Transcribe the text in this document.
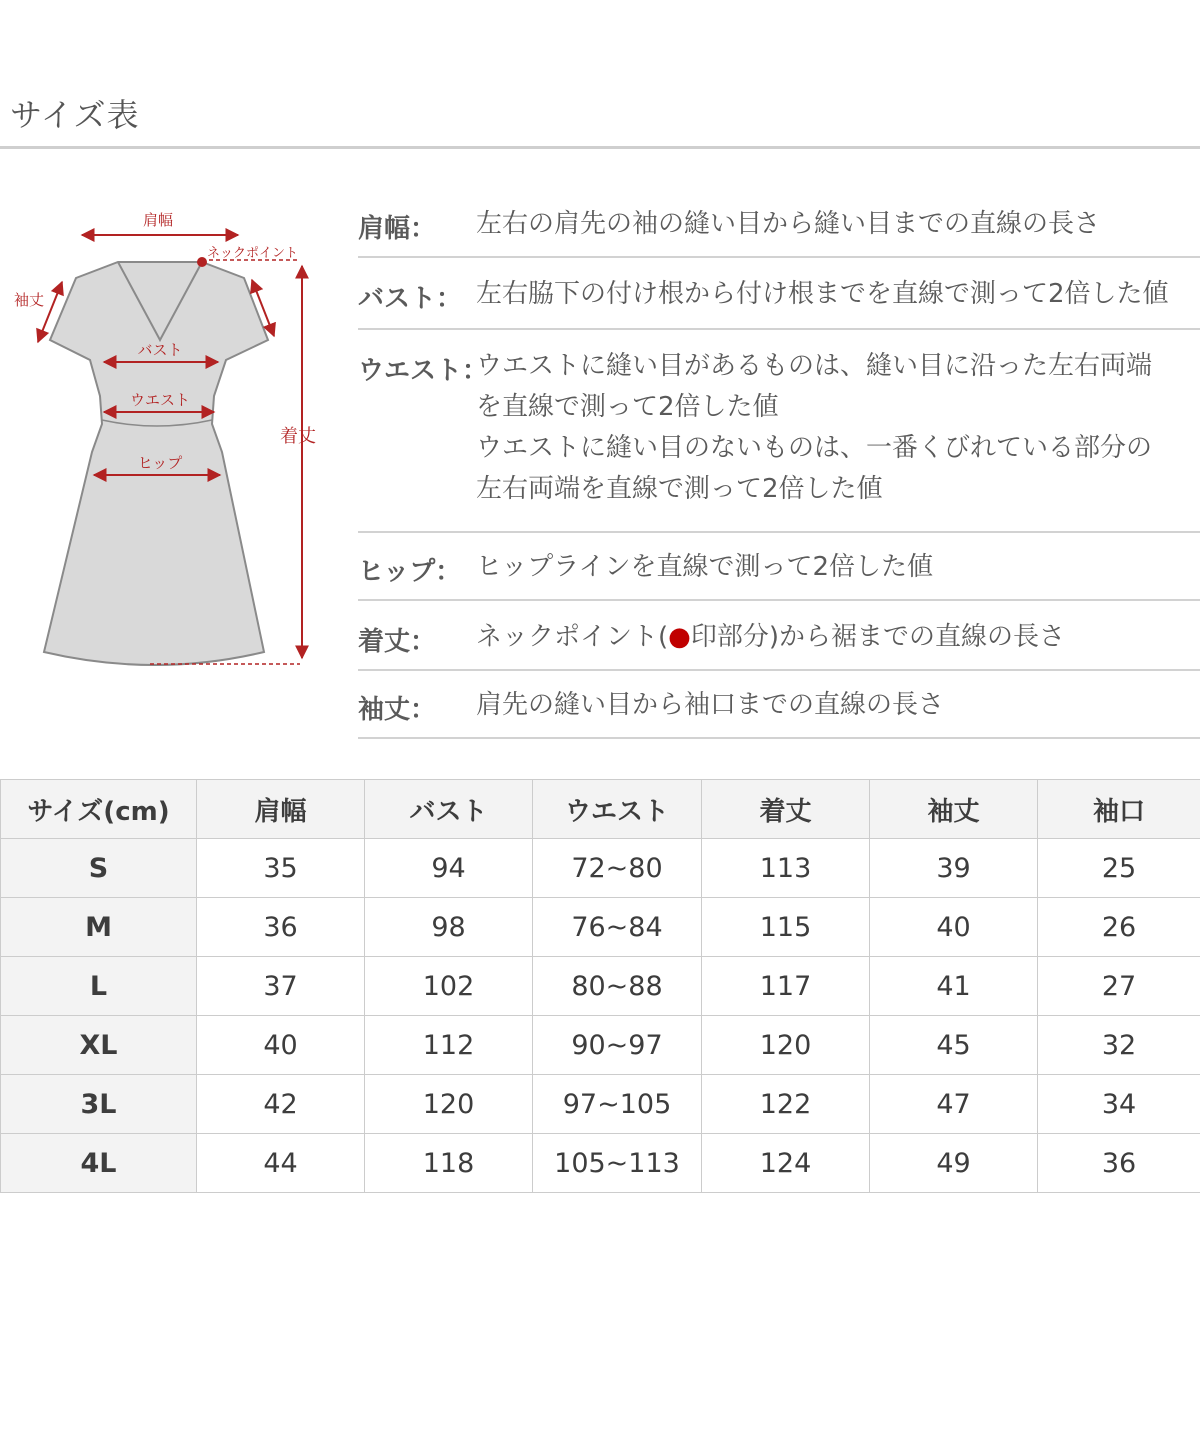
サイズ表
肩幅
ネックポイント
袖丈
バスト
ウエスト
ヒップ
着丈
肩幅： 左右の肩先の袖の縫い目から縫い目までの直線の長さ
バスト： 左右脇下の付け根から付け根までを直線で測って2倍した値
ウエスト：
ウエストに縫い目があるものは、縫い目に沿った左右両端
を直線で測って2倍した値
ウエストに縫い目のないものは、一番くびれている部分の
左右両端を直線で測って2倍した値
ヒップ： ヒップラインを直線で測って2倍した値
着丈： ネックポイント(●印部分)から裾までの直線の長さ
袖丈： 肩先の縫い目から袖口までの直線の長さ
サイズ(cm)	肩幅	バスト	ウエスト	着丈	袖丈	袖口
S	35	94	72~80	113	39	25
M	36	98	76~84	115	40	26
L	37	102	80~88	117	41	27
XL	40	112	90~97	120	45	32
3L	42	120	97~105	122	47	34
4L	44	118	105~113	124	49	36
